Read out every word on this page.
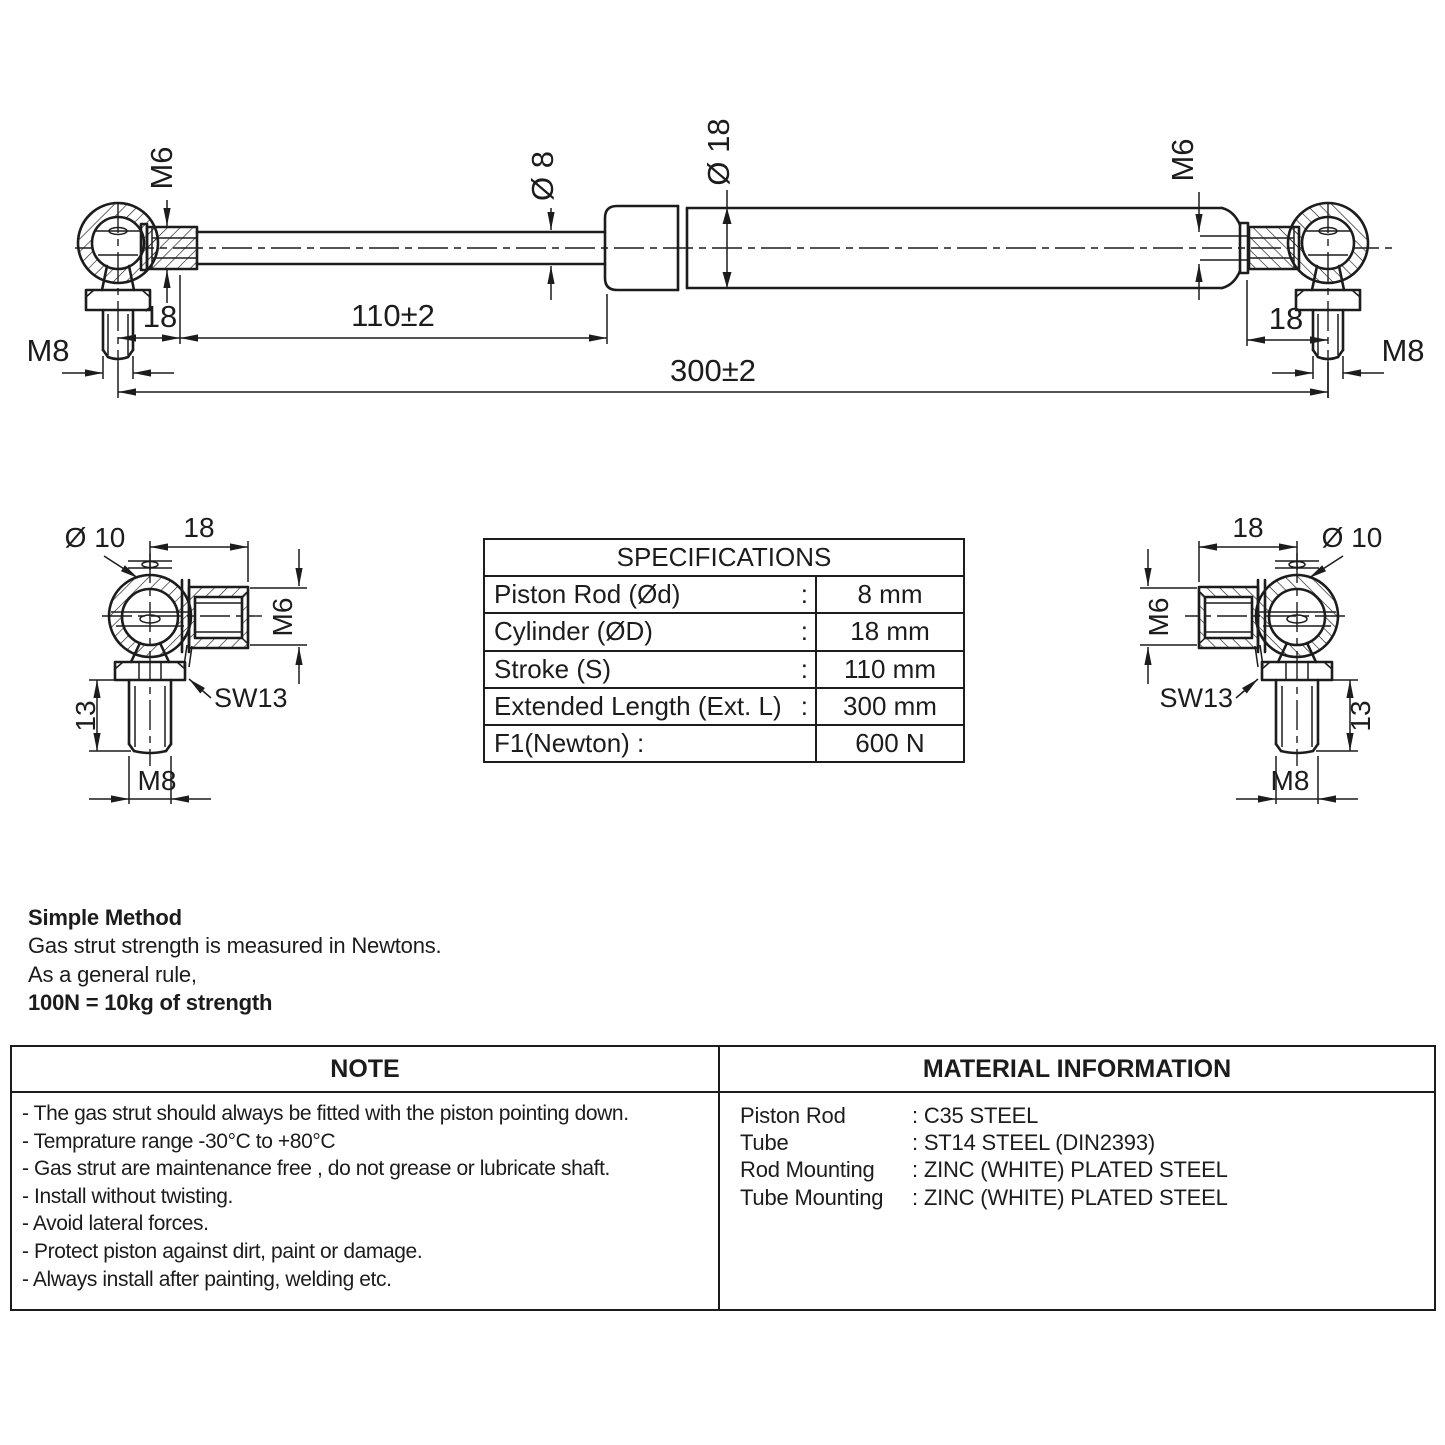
M6	Ø 8	Ø 18	M6
18	110±2
300±2
18
M8	M8
Ø 10 18
M6
SW13
13
M8
Ø 10
18
M6
SW13
13
M8
SPECIFICATIONS
Piston Rod (Ød)	:	8 mm
Cylinder (ØD)	:	18 mm
Stroke (S)	:	110 mm
Extended Length (Ext. L) :	300 mm
F1(Newton) :	600 N
Simple Method
Gas strut strength is measured in Newtons.
As a general rule,
100N = 10kg of strength
NOTE
- The gas strut should always be fitted with the piston pointing down.
- Temprature range -30°C to +80°C
- Gas strut are maintenance free , do not grease or lubricate shaft.
- Install without twisting.
- Avoid lateral forces.
- Protect piston against dirt, paint or damage.
- Always install after painting, welding etc.
MATERIAL INFORMATION
Piston Rod	: C35 STEEL
Tube	: ST14 STEEL (DIN2393)
Rod Mounting	: ZINC (WHITE) PLATED STEEL
Tube Mounting	: ZINC (WHITE) PLATED STEEL
